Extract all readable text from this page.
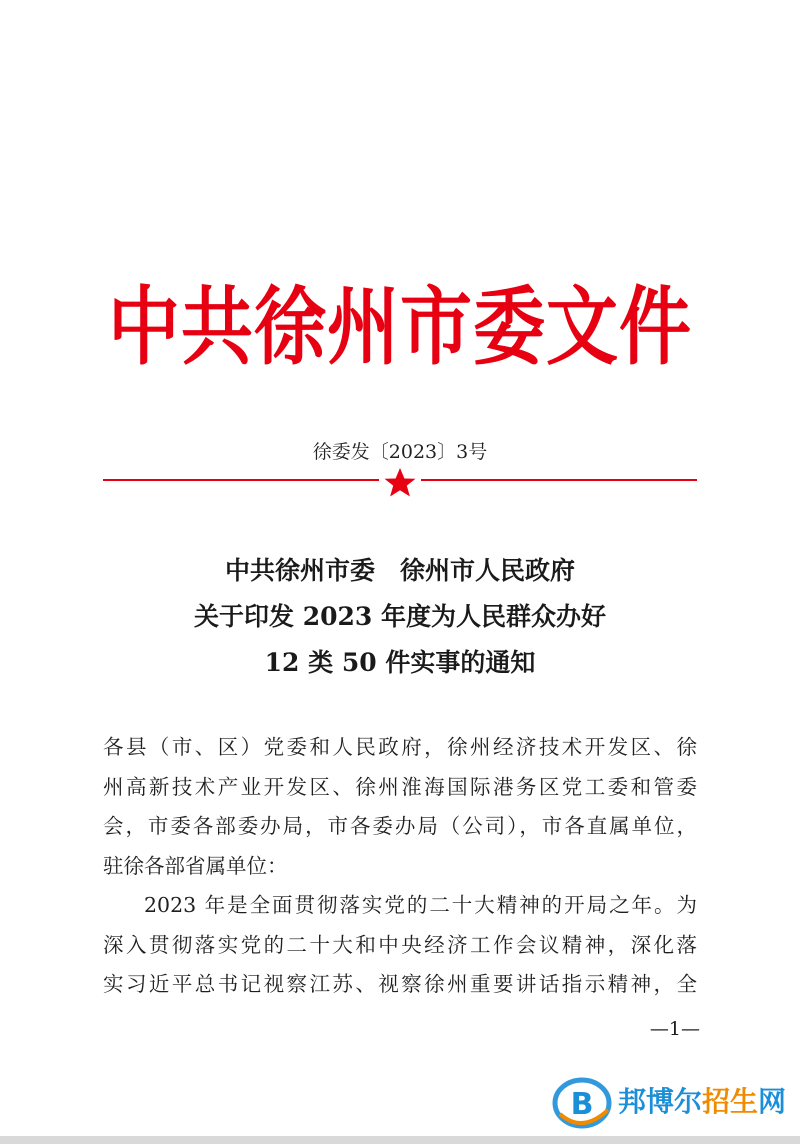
中共徐州市委文件
徐委发〔2023〕3号
中共徐州市委　徐州市人民政府
关于印发 2023 年度为人民群众办好
12 类 50 件实事的通知
各县（市、区）党委和人民政府，徐州经济技术开发区、徐
州高新技术产业开发区、徐州淮海国际港务区党工委和管委
会，市委各部委办局，市各委办局（公司），市各直属单位，
驻徐各部省属单位：
2023 年是全面贯彻落实党的二十大精神的开局之年。为
深入贯彻落实党的二十大和中央经济工作会议精神，深化落
实习近平总书记视察江苏、视察徐州重要讲话指示精神，全
—1—
B 邦博尔招生网
